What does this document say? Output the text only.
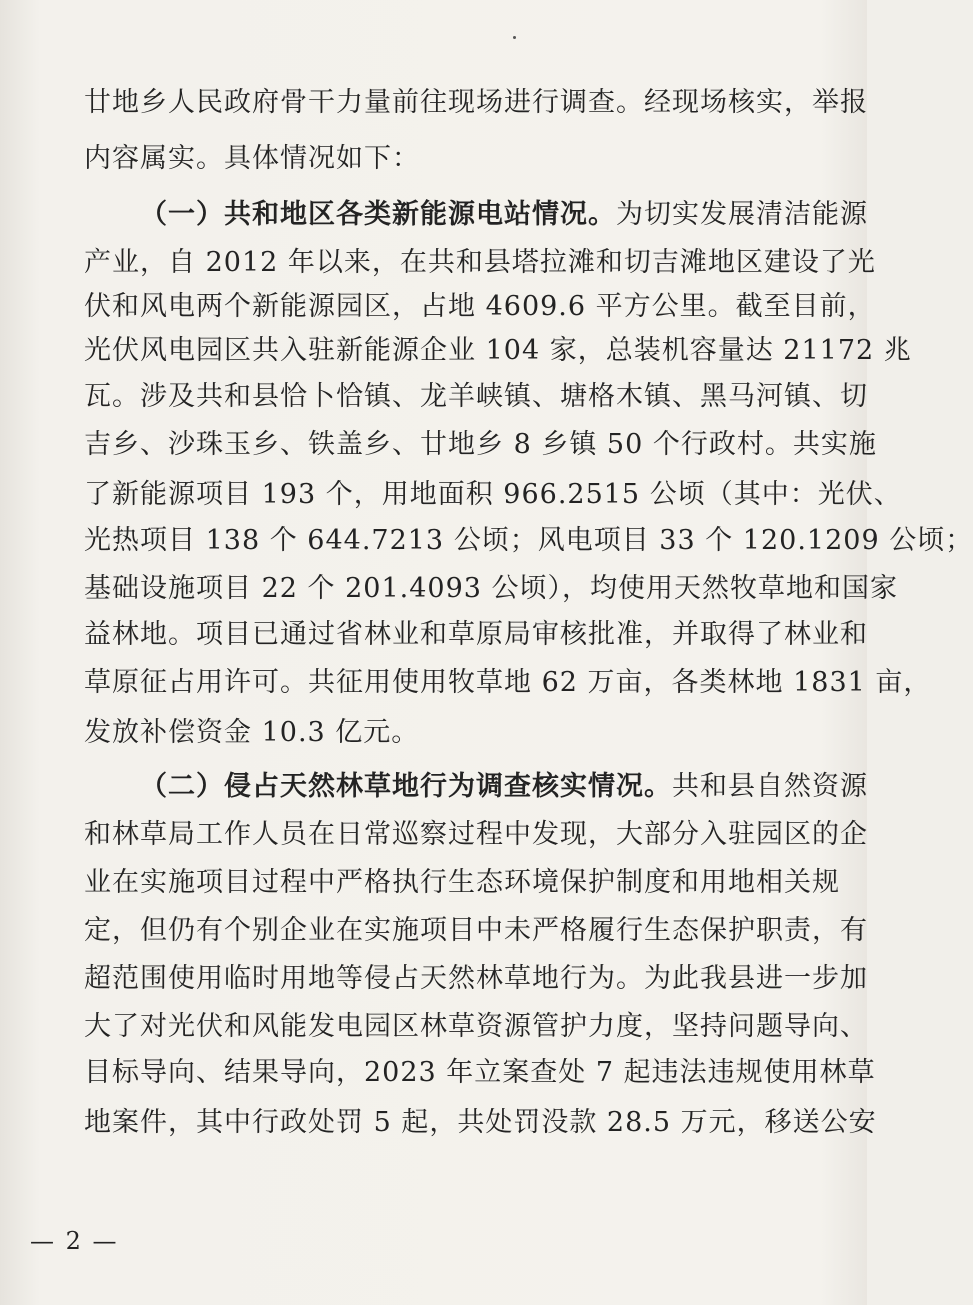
廿地乡人民政府骨干力量前往现场进行调查。经现场核实，举报
内容属实。具体情况如下：
（一）共和地区各类新能源电站情况。为切实发展清洁能源
产业，自 2012 年以来，在共和县塔拉滩和切吉滩地区建设了光
伏和风电两个新能源园区，占地 4609.6 平方公里。截至目前，
光伏风电园区共入驻新能源企业 104 家，总装机容量达 21172 兆
瓦。涉及共和县恰卜恰镇、龙羊峡镇、塘格木镇、黑马河镇、切
吉乡、沙珠玉乡、铁盖乡、廿地乡 8 乡镇 50 个行政村。共实施
了新能源项目 193 个，用地面积 966.2515 公顷（其中：光伏、
光热项目 138 个 644.7213 公顷；风电项目 33 个 120.1209 公顷；
基础设施项目 22 个 201.4093 公顷），均使用天然牧草地和国家
益林地。项目已通过省林业和草原局审核批准，并取得了林业和
草原征占用许可。共征用使用牧草地 62 万亩，各类林地 1831 亩，
发放补偿资金 10.3 亿元。
（二）侵占天然林草地行为调查核实情况。共和县自然资源
和林草局工作人员在日常巡察过程中发现，大部分入驻园区的企
业在实施项目过程中严格执行生态环境保护制度和用地相关规
定，但仍有个别企业在实施项目中未严格履行生态保护职责，有
超范围使用临时用地等侵占天然林草地行为。为此我县进一步加
大了对光伏和风能发电园区林草资源管护力度，坚持问题导向、
目标导向、结果导向，2023 年立案查处 7 起违法违规使用林草
地案件，其中行政处罚 5 起，共处罚没款 28.5 万元，移送公安
— 2 —
